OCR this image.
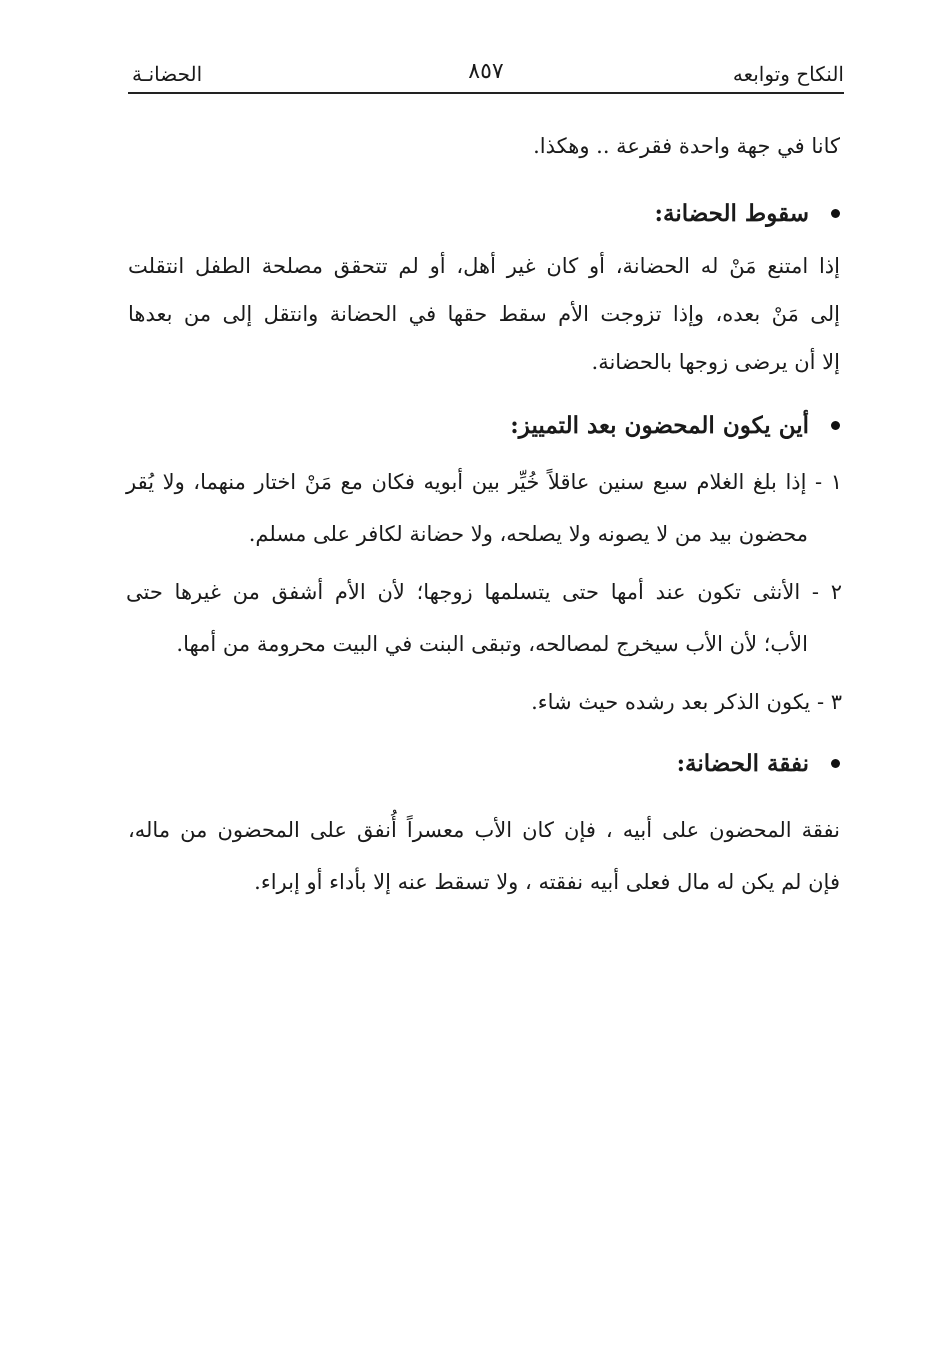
النكاح وتوابعه
٨٥٧
الحضانـة
كانا في جهة واحدة فقرعة .. وهكذا.
سقوط الحضانة:
إذا امتنع مَنْ له الحضانة، أو كان غير أهل، أو لم تتحقق مصلحة الطفل انتقلت
إلى مَنْ بعده، وإذا تزوجت الأم سقط حقها في الحضانة وانتقل إلى من بعدها
إلا أن يرضى زوجها بالحضانة.
أين يكون المحضون بعد التمييز:
١ - إذا بلغ الغلام سبع سنين عاقلاً خُيِّر بين أبويه فكان مع مَنْ اختار منهما، ولا يُقر
محضون بيد من لا يصونه ولا يصلحه، ولا حضانة لكافر على مسلم.
٢ - الأنثى تكون عند أمها حتى يتسلمها زوجها؛ لأن الأم أشفق من غيرها حتى
الأب؛ لأن الأب سيخرج لمصالحه، وتبقى البنت في البيت محرومة من أمها.
٣ - يكون الذكر بعد رشده حيث شاء.
نفقة الحضانة:
نفقة المحضون على أبيه ، فإن كان الأب معسراً أُنفق على المحضون من ماله،
فإن لم يكن له مال فعلى أبيه نفقته ، ولا تسقط عنه إلا بأداء أو إبراء.
